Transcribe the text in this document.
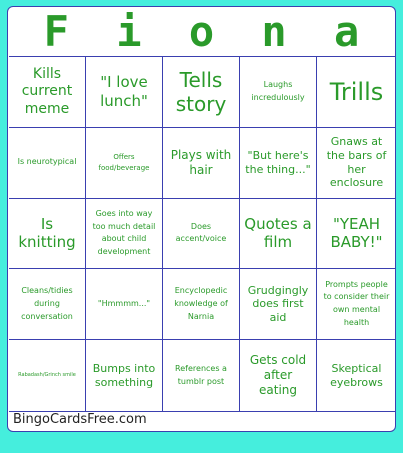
F i o n a
Kills current meme
"I love lunch"
Tells story
Laughs incredulously	Trills
Is neurotypical
Offers food/beverage
Plays with hair
"But here's the thing..."
Gnaws at the bars of her enclosure
Is knitting
Goes into way too much detail about child development
Does accent/voice
Quotes a film
"YEAH BABY!"
Cleans/tidies during conversation
"Hmmmm..."
Encyclopedic knowledge of Narnia
Grudgingly does first aid
Prompts people to consider their own mental health
Rabadash/Grinch smile
Bumps into something
References a tumblr post
Gets cold after eating
Skeptical eyebrows
BingoCardsFree.com
